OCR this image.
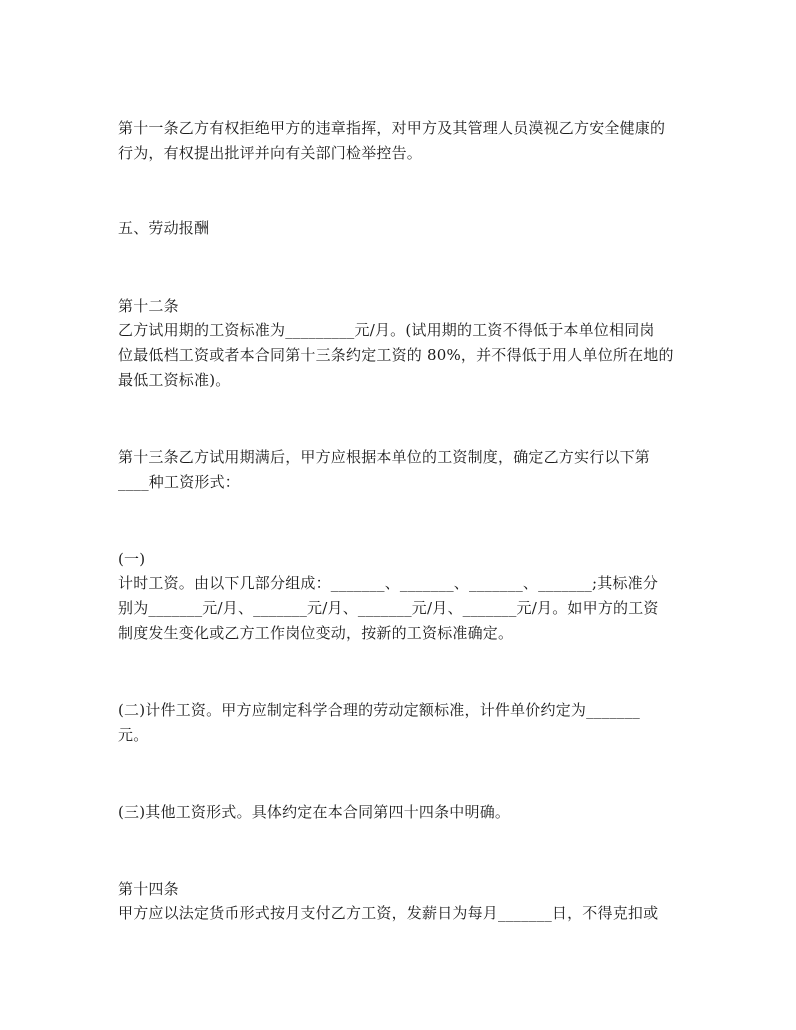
第十一条乙方有权拒绝甲方的违章指挥，对甲方及其管理人员漠视乙方安全健康的
行为，有权提出批评并向有关部门检举控告。
五、劳动报酬
第十二条
乙方试用期的工资标准为_________元/月。(试用期的工资不得低于本单位相同岗
位最低档工资或者本合同第十三条约定工资的 80%，并不得低于用人单位所在地的
最低工资标准)。
第十三条乙方试用期满后，甲方应根据本单位的工资制度，确定乙方实行以下第
____种工资形式：
(一)
计时工资。由以下几部分组成：_______、_______、_______、_______;其标准分
别为_______元/月、_______元/月、_______元/月、_______元/月。如甲方的工资
制度发生变化或乙方工作岗位变动，按新的工资标准确定。
(二)计件工资。甲方应制定科学合理的劳动定额标准，计件单价约定为_______
元。
(三)其他工资形式。具体约定在本合同第四十四条中明确。
第十四条
甲方应以法定货币形式按月支付乙方工资，发薪日为每月_______日，不得克扣或
